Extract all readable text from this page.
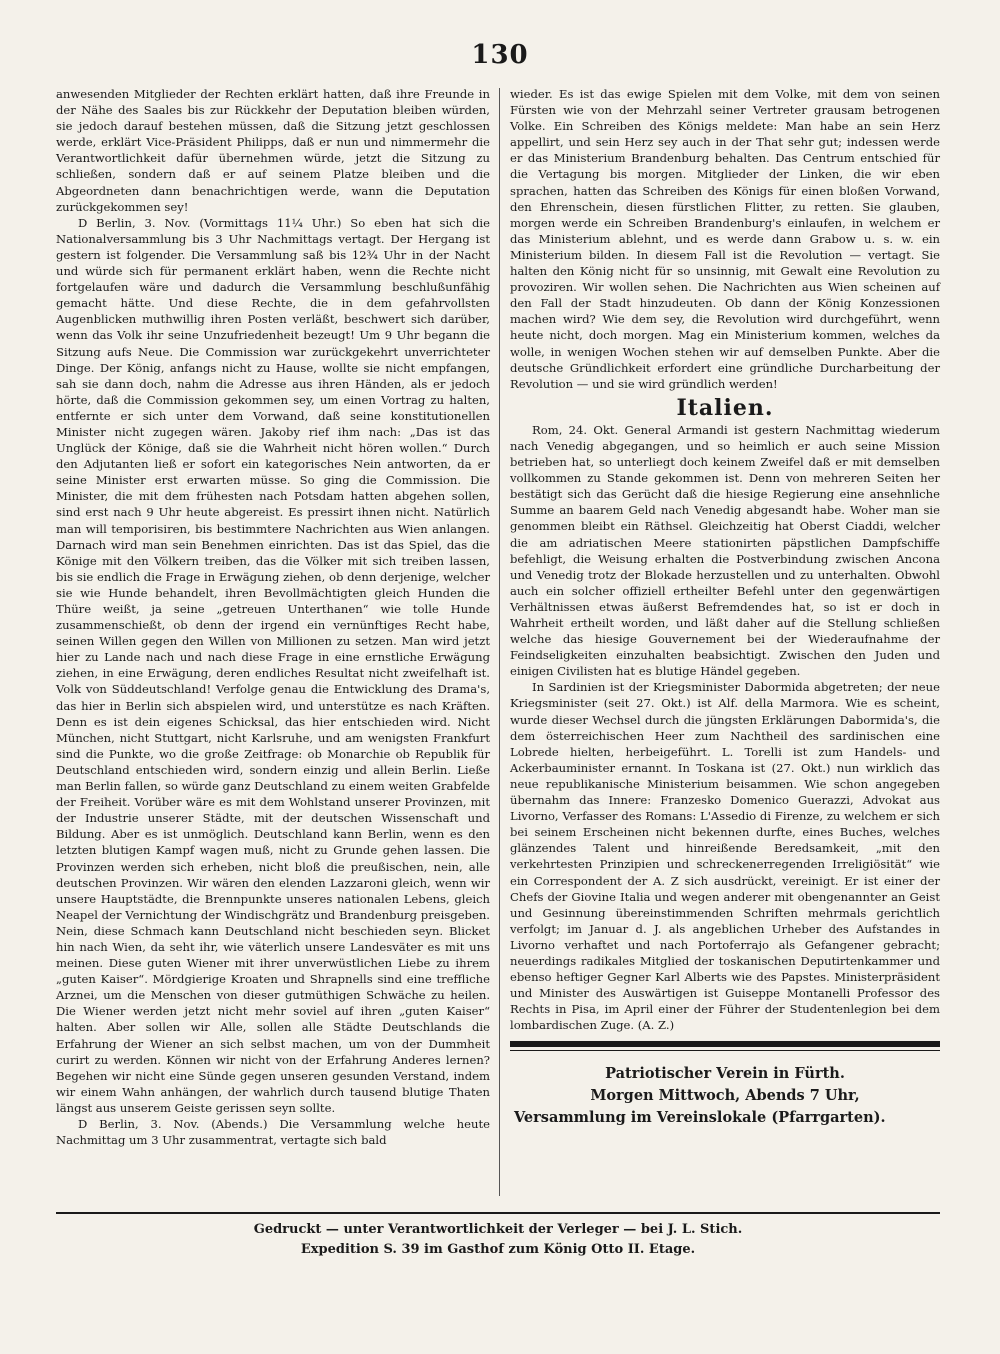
130

anwesenden Mitglieder der Rechten erklärt hatten, daß ihre Freunde in der Nähe des Saales bis zur Rückkehr der Deputation bleiben würden, sie jedoch darauf bestehen müssen, daß die Sitzung jetzt geschlossen werde, erklärt Vice-Präsident Philipps, daß er nun und nimmermehr die Verantwortlichkeit dafür übernehmen würde, jetzt die Sitzung zu schließen, sondern daß er auf seinem Platze bleiben und die Abgeordneten dann benachrichtigen werde, wann die Deputation zurückgekommen sey!

D Berlin, 3. Nov. (Vormittags 11¼ Uhr.) So eben hat sich die Nationalversammlung bis 3 Uhr Nachmittags vertagt. Der Hergang ist gestern ist folgender. Die Versammlung saß bis 12¾ Uhr in der Nacht und würde sich für permanent erklärt haben, wenn die Rechte nicht fortgelaufen wäre und dadurch die Versammlung beschlußunfähig gemacht hätte. Und diese Rechte, die in dem gefahrvollsten Augenblicken muthwillig ihren Posten verläßt, beschwert sich darüber, wenn das Volk ihr seine Unzufriedenheit bezeugt! Um 9 Uhr begann die Sitzung aufs Neue. Die Commission war zurückgekehrt unverrichteter Dinge. Der König, anfangs nicht zu Hause, wollte sie nicht empfangen, sah sie dann doch, nahm die Adresse aus ihren Händen, als er jedoch hörte, daß die Commission gekommen sey, um einen Vortrag zu halten, entfernte er sich unter dem Vorwand, daß seine konstitutionellen Minister nicht zugegen wären. Jakoby rief ihm nach: „Das ist das Unglück der Könige, daß sie die Wahrheit nicht hören wollen.“ Durch den Adjutanten ließ er sofort ein kategorisches Nein antworten, da er seine Minister erst erwarten müsse. So ging die Commission. Die Minister, die mit dem frühesten nach Potsdam hatten abgehen sollen, sind erst nach 9 Uhr heute abgereist. Es pressirt ihnen nicht. Natürlich man will temporisiren, bis bestimmtere Nachrichten aus Wien anlangen. Darnach wird man sein Benehmen einrichten. Das ist das Spiel, das die Könige mit den Völkern treiben, das die Völker mit sich treiben lassen, bis sie endlich die Frage in Erwägung ziehen, ob denn derjenige, welcher sie wie Hunde behandelt, ihren Bevollmächtigten gleich Hunden die Thüre weißt, ja seine „getreuen Unterthanen“ wie tolle Hunde zusammenschießt, ob denn der irgend ein vernünftiges Recht habe, seinen Willen gegen den Willen von Millionen zu setzen. Man wird jetzt hier zu Lande nach und nach diese Frage in eine ernstliche Erwägung ziehen, in eine Erwägung, deren endliches Resultat nicht zweifelhaft ist. Volk von Süddeutschland! Verfolge genau die Entwicklung des Drama's, das hier in Berlin sich abspielen wird, und unterstütze es nach Kräften. Denn es ist dein eigenes Schicksal, das hier entschieden wird. Nicht München, nicht Stuttgart, nicht Karlsruhe, und am wenigsten Frankfurt sind die Punkte, wo die große Zeitfrage: ob Monarchie ob Republik für Deutschland entschieden wird, sondern einzig und allein Berlin. Ließe man Berlin fallen, so würde ganz Deutschland zu einem weiten Grabfelde der Freiheit. Vorüber wäre es mit dem Wohlstand unserer Provinzen, mit der Industrie unserer Städte, mit der deutschen Wissenschaft und Bildung. Aber es ist unmöglich. Deutschland kann Berlin, wenn es den letzten blutigen Kampf wagen muß, nicht zu Grunde gehen lassen. Die Provinzen werden sich erheben, nicht bloß die preußischen, nein, alle deutschen Provinzen. Wir wären den elenden Lazzaroni gleich, wenn wir unsere Hauptstädte, die Brennpunkte unseres nationalen Lebens, gleich Neapel der Vernichtung der Windischgrätz und Brandenburg preisgeben. Nein, diese Schmach kann Deutschland nicht beschieden seyn. Blicket hin nach Wien, da seht ihr, wie väterlich unsere Landesväter es mit uns meinen. Diese guten Wiener mit ihrer unverwüstlichen Liebe zu ihrem „guten Kaiser“. Mördgierige Kroaten und Shrapnells sind eine treffliche Arznei, um die Menschen von dieser gutmüthigen Schwäche zu heilen. Die Wiener werden jetzt nicht mehr soviel auf ihren „guten Kaiser“ halten. Aber sollen wir Alle, sollen alle Städte Deutschlands die Erfahrung der Wiener an sich selbst machen, um von der Dummheit curirt zu werden. Können wir nicht von der Erfahrung Anderes lernen? Begehen wir nicht eine Sünde gegen unseren gesunden Verstand, indem wir einem Wahn anhängen, der wahrlich durch tausend blutige Thaten längst aus unserem Geiste gerissen seyn sollte.

D Berlin, 3. Nov. (Abends.) Die Versammlung welche heute Nachmittag um 3 Uhr zusammentrat, vertagte sich bald

wieder. Es ist das ewige Spielen mit dem Volke, mit dem von seinen Fürsten wie von der Mehrzahl seiner Vertreter grausam betrogenen Volke. Ein Schreiben des Königs meldete: Man habe an sein Herz appellirt, und sein Herz sey auch in der That sehr gut; indessen werde er das Ministerium Brandenburg behalten. Das Centrum entschied für die Vertagung bis morgen. Mitglieder der Linken, die wir eben sprachen, hatten das Schreiben des Königs für einen bloßen Vorwand, den Ehrenschein, diesen fürstlichen Flitter, zu retten. Sie glauben, morgen werde ein Schreiben Brandenburg's einlaufen, in welchem er das Ministerium ablehnt, und es werde dann Grabow u. s. w. ein Ministerium bilden. In diesem Fall ist die Revolution — vertagt. Sie halten den König nicht für so unsinnig, mit Gewalt eine Revolution zu provoziren. Wir wollen sehen. Die Nachrichten aus Wien scheinen auf den Fall der Stadt hinzudeuten. Ob dann der König Konzessionen machen wird? Wie dem sey, die Revolution wird durchgeführt, wenn heute nicht, doch morgen. Mag ein Ministerium kommen, welches da wolle, in wenigen Wochen stehen wir auf demselben Punkte. Aber die deutsche Gründlichkeit erfordert eine gründliche Durcharbeitung der Revolution — und sie wird gründlich werden!

Italien.

Rom, 24. Okt. General Armandi ist gestern Nachmittag wiederum nach Venedig abgegangen, und so heimlich er auch seine Mission betrieben hat, so unterliegt doch keinem Zweifel daß er mit demselben vollkommen zu Stande gekommen ist. Denn von mehreren Seiten her bestätigt sich das Gerücht daß die hiesige Regierung eine ansehnliche Summe an baarem Geld nach Venedig abgesandt habe. Woher man sie genommen bleibt ein Räthsel. Gleichzeitig hat Oberst Ciaddi, welcher die am adriatischen Meere stationirten päpstlichen Dampfschiffe befehligt, die Weisung erhalten die Postverbindung zwischen Ancona und Venedig trotz der Blokade herzustellen und zu unterhalten. Obwohl auch ein solcher offiziell ertheilter Befehl unter den gegenwärtigen Verhältnissen etwas äußerst Befremdendes hat, so ist er doch in Wahrheit ertheilt worden, und läßt daher auf die Stellung schließen welche das hiesige Gouvernement bei der Wiederaufnahme der Feindseligkeiten einzuhalten beabsichtigt. Zwischen den Juden und einigen Civilisten hat es blutige Händel gegeben.

In Sardinien ist der Kriegsminister Dabormida abgetreten; der neue Kriegsminister (seit 27. Okt.) ist Alf. della Marmora. Wie es scheint, wurde dieser Wechsel durch die jüngsten Erklärungen Dabormida's, die dem österreichischen Heer zum Nachtheil des sardinischen eine Lobrede hielten, herbeigeführt. L. Torelli ist zum Handels- und Ackerbauminister ernannt. In Toskana ist (27. Okt.) nun wirklich das neue republikanische Ministerium beisammen. Wie schon angegeben übernahm das Innere: Franzesko Domenico Guerazzi, Advokat aus Livorno, Verfasser des Romans: L'Assedio di Firenze, zu welchem er sich bei seinem Erscheinen nicht bekennen durfte, eines Buches, welches glänzendes Talent und hinreißende Beredsamkeit, „mit den verkehrtesten Prinzipien und schreckenerregenden Irreligiösität“ wie ein Correspondent der A. Z sich ausdrückt, vereinigt. Er ist einer der Chefs der Giovine Italia und wegen anderer mit obengenannter an Geist und Gesinnung übereinstimmenden Schriften mehrmals gerichtlich verfolgt; im Januar d. J. als angeblichen Urheber des Aufstandes in Livorno verhaftet und nach Portoferrajo als Gefangener gebracht; neuerdings radikales Mitglied der toskanischen Deputirtenkammer und ebenso heftiger Gegner Karl Alberts wie des Papstes. Ministerpräsident und Minister des Auswärtigen ist Guiseppe Montanelli Professor des Rechts in Pisa, im April einer der Führer der Studentenlegion bei dem lombardischen Zuge. (A. Z.)

Patriotischer Verein in Fürth.
Morgen Mittwoch, Abends 7 Uhr,
Versammlung im Vereinslokale (Pfarrgarten).
Gedruckt — unter Verantwortlichkeit der Verleger — bei J. L. Stich.
Expedition S. 39 im Gasthof zum König Otto II. Etage.
